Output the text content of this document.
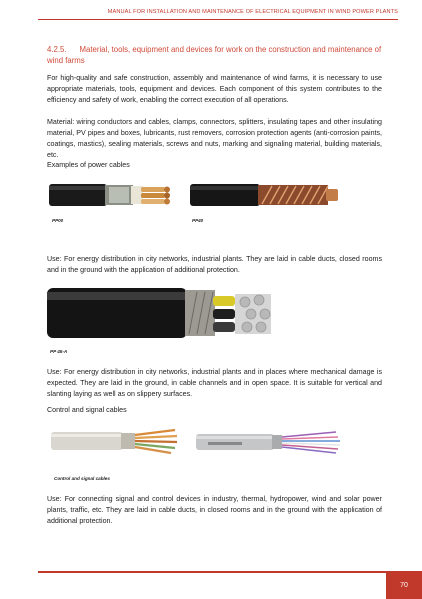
MANUAL FOR INSTALLATION AND MAINTENANCE OF ELECTRICAL EQUIPMENT IN WIND POWER PLANTS
4.2.5. Material, tools, equipment and devices for work on the construction and maintenance of wind farms
For high-quality and safe construction, assembly and maintenance of wind farms, it is necessary to use appropriate materials, tools, equipment and devices. Each component of this system contributes to the efficiency and safety of work, enabling the correct execution of all operations.
Material: wiring conductors and cables, clamps, connectors, splitters, insulating tapes and other insulating material, PV pipes and boxes, lubricants, rust removers, corrosion protection agents (anti-corrosion paints, coatings, mastics), sealing materials, screws and nuts, marking and signaling material, building materials, etc.
Examples of power cables
PP00	PP40
Use: For energy distribution in city networks, industrial plants. They are laid in cable ducts, closed rooms and in the ground with the application of additional protection.
PP 45-A
Use: For energy distribution in city networks, industrial plants and in places where mechanical damage is expected. They are laid in the ground, in cable channels and in open space. It is suitable for vertical and slanting laying as well as on slippery surfaces.
Control and signal cables
Control and signal cables
Use: For connecting signal and control devices in industry, thermal, hydropower, wind and solar power plants, traffic, etc. They are laid in cable ducts, in closed rooms and in the ground with the application of additional protection.
70
